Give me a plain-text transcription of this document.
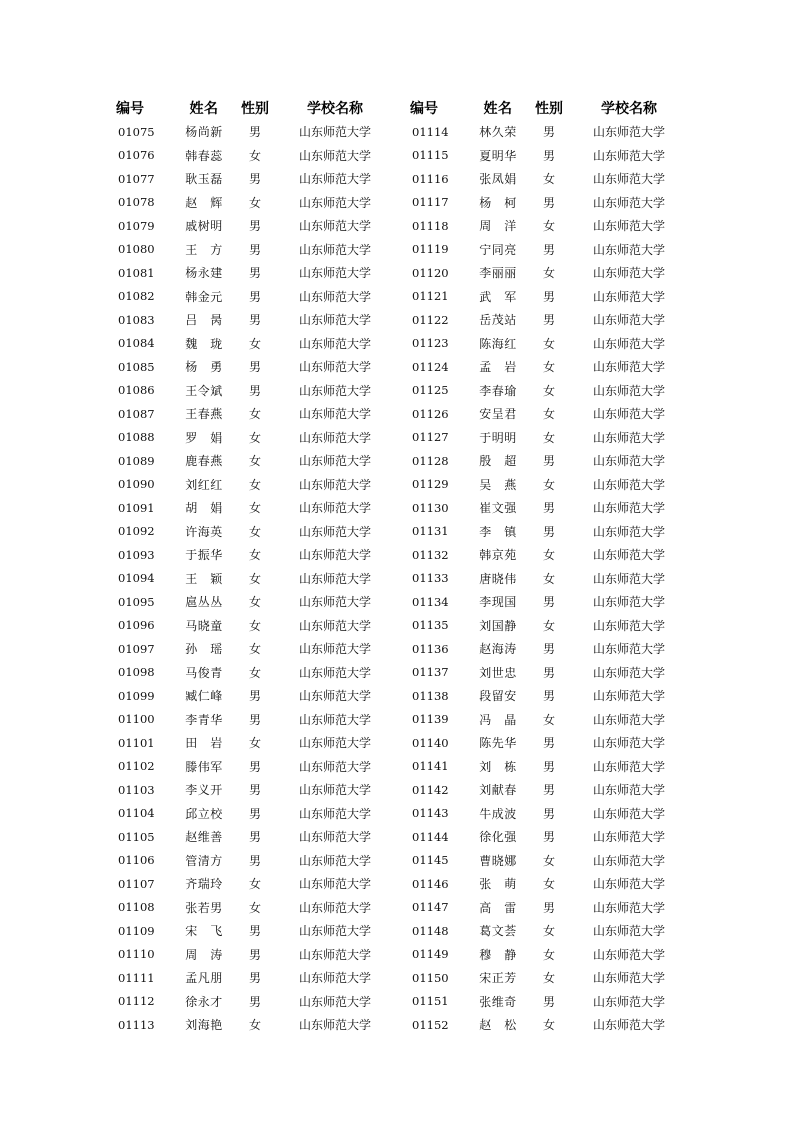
编号	姓名	性别	学校名称
01075	杨尚新	男	山东师范大学
01076	韩春蕊	女	山东师范大学
01077	耿玉磊	男	山东师范大学
01078	赵　辉	女	山东师范大学
01079	戚树明	男	山东师范大学
01080	王　方	男	山东师范大学
01081	杨永建	男	山东师范大学
01082	韩金元	男	山东师范大学
01083	吕　昺	男	山东师范大学
01084	魏　珑	女	山东师范大学
01085	杨　勇	男	山东师范大学
01086	王令斌	男	山东师范大学
01087	王春燕	女	山东师范大学
01088	罗　娟	女	山东师范大学
01089	鹿春燕	女	山东师范大学
01090	刘红红	女	山东师范大学
01091	胡　娟	女	山东师范大学
01092	许海英	女	山东师范大学
01093	于振华	女	山东师范大学
01094	王　颖	女	山东师范大学
01095	扈丛丛	女	山东师范大学
01096	马晓童	女	山东师范大学
01097	孙　瑶	女	山东师范大学
01098	马俊青	女	山东师范大学
01099	臧仁峰	男	山东师范大学
01100	李青华	男	山东师范大学
01101	田　岩	女	山东师范大学
01102	滕伟军	男	山东师范大学
01103	李义开	男	山东师范大学
01104	邱立校	男	山东师范大学
01105	赵维善	男	山东师范大学
01106	管清方	男	山东师范大学
01107	齐瑞玲	女	山东师范大学
01108	张若男	女	山东师范大学
01109	宋　飞	男	山东师范大学
01110	周　涛	男	山东师范大学
01111	孟凡朋	男	山东师范大学
01112	徐永才	男	山东师范大学
01113	刘海艳	女	山东师范大学
编号	姓名	性别	学校名称
01114	林久荣	男	山东师范大学
01115	夏明华	男	山东师范大学
01116	张凤娟	女	山东师范大学
01117	杨　柯	男	山东师范大学
01118	周　洋	女	山东师范大学
01119	宁同亮	男	山东师范大学
01120	李丽丽	女	山东师范大学
01121	武　军	男	山东师范大学
01122	岳茂站	男	山东师范大学
01123	陈海红	女	山东师范大学
01124	孟　岩	女	山东师范大学
01125	李春瑜	女	山东师范大学
01126	安呈君	女	山东师范大学
01127	于明明	女	山东师范大学
01128	殷　超	男	山东师范大学
01129	吴　燕	女	山东师范大学
01130	崔文强	男	山东师范大学
01131	李　镇	男	山东师范大学
01132	韩京苑	女	山东师范大学
01133	唐晓伟	女	山东师范大学
01134	李现国	男	山东师范大学
01135	刘国静	女	山东师范大学
01136	赵海涛	男	山东师范大学
01137	刘世忠	男	山东师范大学
01138	段留安	男	山东师范大学
01139	冯　晶	女	山东师范大学
01140	陈先华	男	山东师范大学
01141	刘　栋	男	山东师范大学
01142	刘献春	男	山东师范大学
01143	牛成波	男	山东师范大学
01144	徐化强	男	山东师范大学
01145	曹晓娜	女	山东师范大学
01146	张　萌	女	山东师范大学
01147	高　雷	男	山东师范大学
01148	葛文荟	女	山东师范大学
01149	穆　静	女	山东师范大学
01150	宋正芳	女	山东师范大学
01151	张维奇	男	山东师范大学
01152	赵　松	女	山东师范大学
